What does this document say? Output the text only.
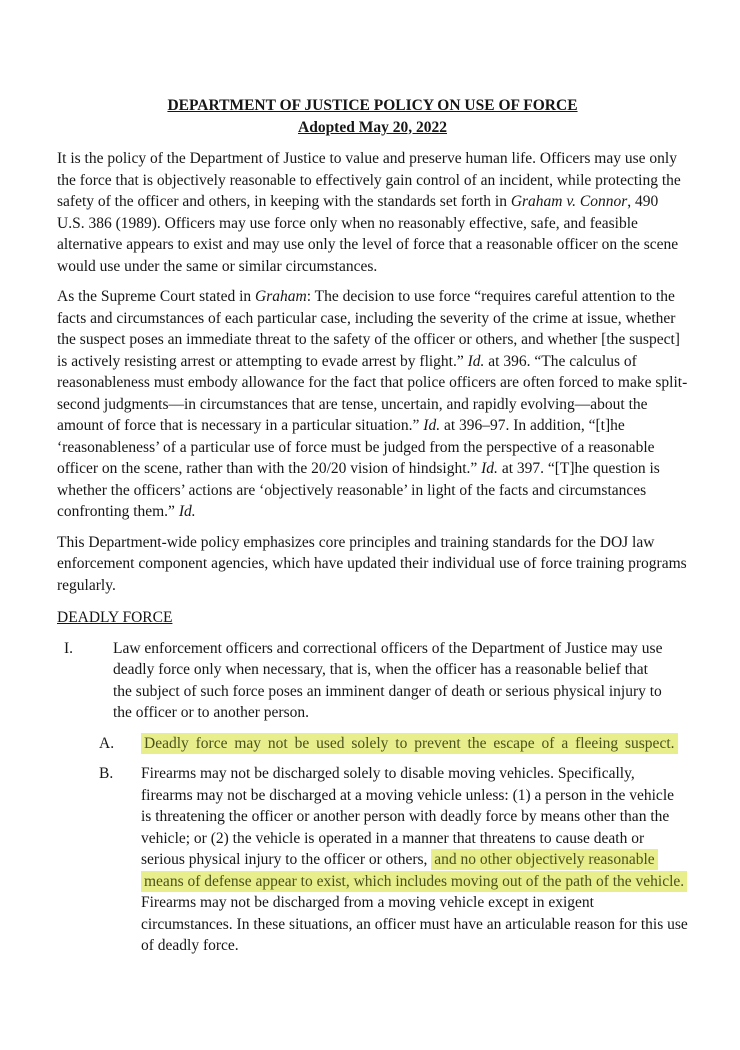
DEPARTMENT OF JUSTICE POLICY ON USE OF FORCE
Adopted May 20, 2022

It is the policy of the Department of Justice to value and preserve human life. Officers may use only the force that is objectively reasonable to effectively gain control of an incident, while protecting the safety of the officer and others, in keeping with the standards set forth in Graham v. Connor, 490 U.S. 386 (1989). Officers may use force only when no reasonably effective, safe, and feasible alternative appears to exist and may use only the level of force that a reasonable officer on the scene would use under the same or similar circumstances.

As the Supreme Court stated in Graham: The decision to use force “requires careful attention to the facts and circumstances of each particular case, including the severity of the crime at issue, whether the suspect poses an immediate threat to the safety of the officer or others, and whether [the suspect] is actively resisting arrest or attempting to evade arrest by flight.” Id. at 396. “The calculus of reasonableness must embody allowance for the fact that police officers are often forced to make split-second judgments—in circumstances that are tense, uncertain, and rapidly evolving—about the amount of force that is necessary in a particular situation.” Id. at 396–97. In addition, “[t]he ‘reasonableness’ of a particular use of force must be judged from the perspective of a reasonable officer on the scene, rather than with the 20/20 vision of hindsight.” Id. at 397. “[T]he question is whether the officers’ actions are ‘objectively reasonable’ in light of the facts and circumstances confronting them.” Id.

This Department-wide policy emphasizes core principles and training standards for the DOJ law enforcement component agencies, which have updated their individual use of force training programs regularly.

DEADLY FORCE
I.	Law enforcement officers and correctional officers of the Department of Justice may use deadly force only when necessary, that is, when the officer has a reasonable belief that the subject of such force poses an imminent danger of death or serious physical injury to the officer or to another person.
A.	Deadly force may not be used solely to prevent the escape of a fleeing suspect.
B.	Firearms may not be discharged solely to disable moving vehicles. Specifically, firearms may not be discharged at a moving vehicle unless: (1) a person in the vehicle is threatening the officer or another person with deadly force by means other than the vehicle; or (2) the vehicle is operated in a manner that threatens to cause death or serious physical injury to the officer or others, and no other objectively reasonable means of defense appear to exist, which includes moving out of the path of the vehicle. Firearms may not be discharged from a moving vehicle except in exigent circumstances. In these situations, an officer must have an articulable reason for this use of deadly force.
